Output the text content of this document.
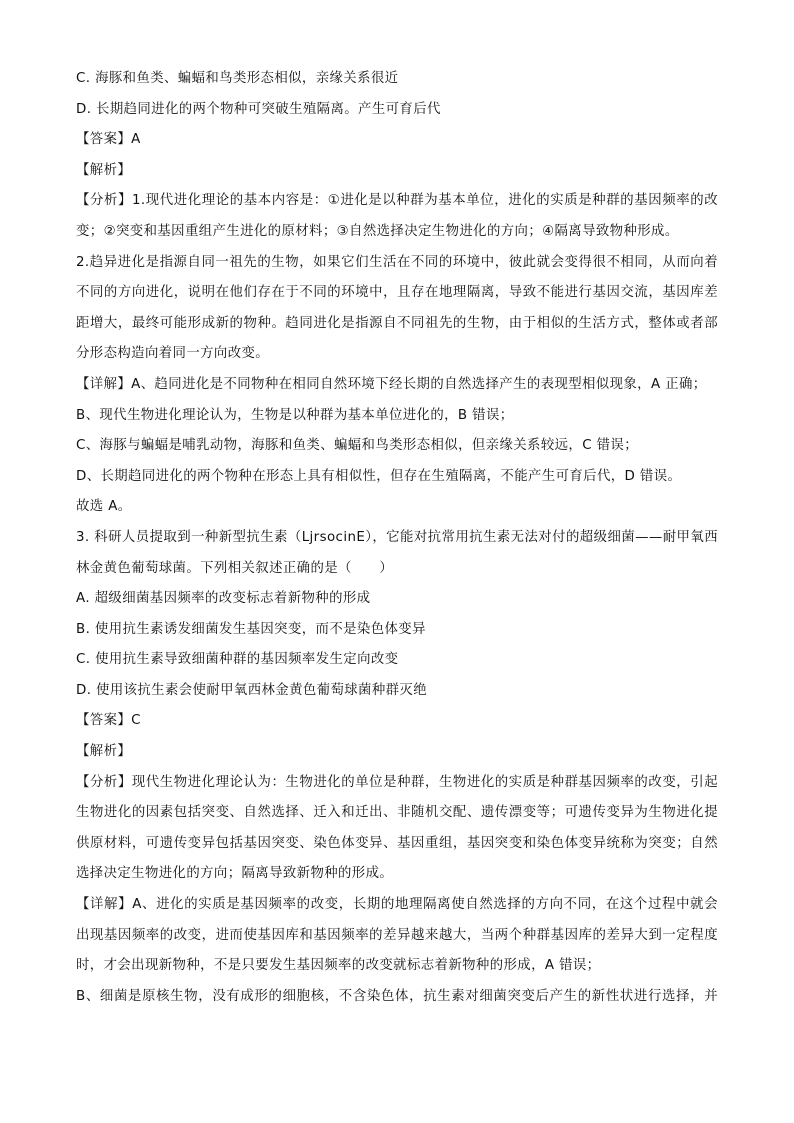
C. 海豚和鱼类、蝙蝠和鸟类形态相似，亲缘关系很近
D. 长期趋同进化的两个物种可突破生殖隔离。产生可育后代
【答案】A
【解析】
【分析】1.现代进化理论的基本内容是：①进化是以种群为基本单位，进化的实质是种群的基因频率的改
变；②突变和基因重组产生进化的原材料；③自然选择决定生物进化的方向；④隔离导致物种形成。
2.趋异进化是指源自同一祖先的生物，如果它们生活在不同的环境中，彼此就会变得很不相同，从而向着
不同的方向进化，说明在他们存在于不同的环境中，且存在地理隔离，导致不能进行基因交流，基因库差
距增大，最终可能形成新的物种。趋同进化是指源自不同祖先的生物，由于相似的生活方式，整体或者部
分形态构造向着同一方向改变。
【详解】A、趋同进化是不同物种在相同自然环境下经长期的自然选择产生的表现型相似现象，A 正确；
B、现代生物进化理论认为，生物是以种群为基本单位进化的，B 错误；
C、海豚与蝙蝠是哺乳动物，海豚和鱼类、蝙蝠和鸟类形态相似，但亲缘关系较远，C 错误；
D、长期趋同进化的两个物种在形态上具有相似性，但存在生殖隔离，不能产生可育后代，D 错误。
故选 A。
3. 科研人员提取到一种新型抗生素（LjrsocinE），它能对抗常用抗生素无法对付的超级细菌——耐甲氧西
林金黄色葡萄球菌。下列相关叙述正确的是（　　）
A. 超级细菌基因频率的改变标志着新物种的形成
B. 使用抗生素诱发细菌发生基因突变，而不是染色体变异
C. 使用抗生素导致细菌种群的基因频率发生定向改变
D. 使用该抗生素会使耐甲氧西林金黄色葡萄球菌种群灭绝
【答案】C
【解析】
【分析】现代生物进化理论认为：生物进化的单位是种群，生物进化的实质是种群基因频率的改变，引起
生物进化的因素包括突变、自然选择、迁入和迁出、非随机交配、遗传漂变等；可遗传变异为生物进化提
供原材料，可遗传变异包括基因突变、染色体变异、基因重组，基因突变和染色体变异统称为突变；自然
选择决定生物进化的方向；隔离导致新物种的形成。
【详解】A、进化的实质是基因频率的改变，长期的地理隔离使自然选择的方向不同，在这个过程中就会
出现基因频率的改变，进而使基因库和基因频率的差异越来越大，当两个种群基因库的差异大到一定程度
时，才会出现新物种，不是只要发生基因频率的改变就标志着新物种的形成，A 错误；
B、细菌是原核生物，没有成形的细胞核，不含染色体，抗生素对细菌突变后产生的新性状进行选择，并
